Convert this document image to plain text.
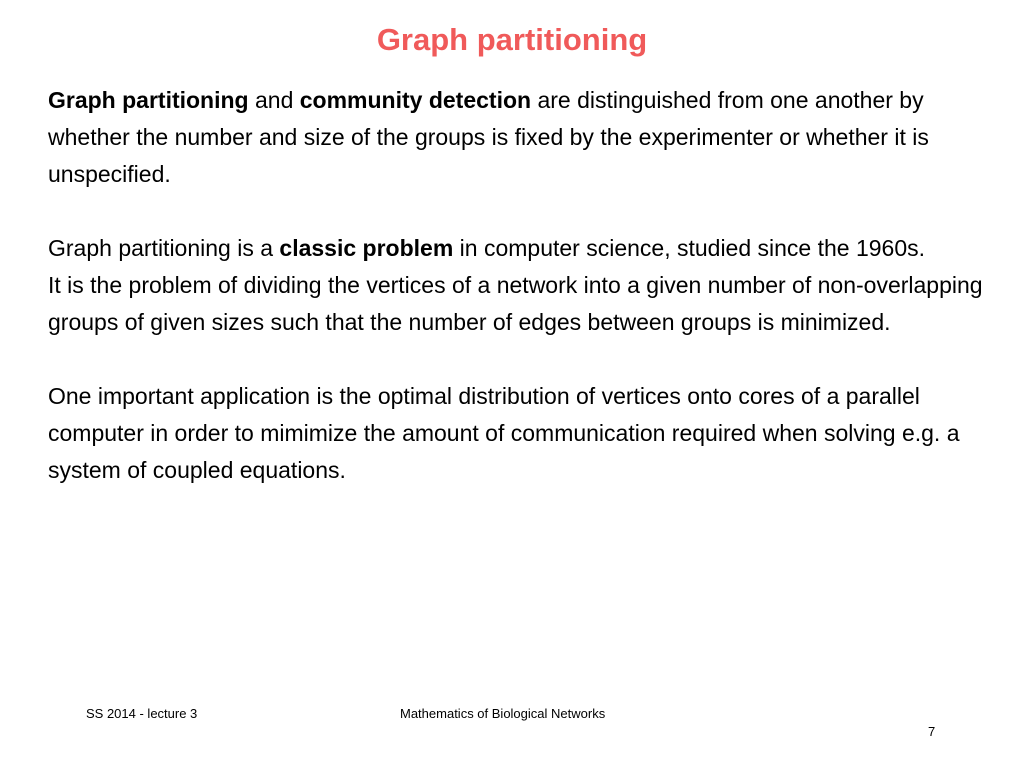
Graph partitioning

Graph partitioning and community detection are distinguished from one another by whether the number and size of the groups is fixed by the experimenter or whether it is unspecified.

Graph partitioning is a classic problem in computer science, studied since the 1960s.

It is the problem of dividing the vertices of a network into a given number of non-overlapping groups of given sizes such that the number of edges between groups is minimized.

One important application is the optimal distribution of vertices onto cores of a parallel computer in order to mimimize the amount of communication required when solving e.g. a system of coupled equations.

SS 2014 - lecture 3	Mathematics of Biological Networks
7
